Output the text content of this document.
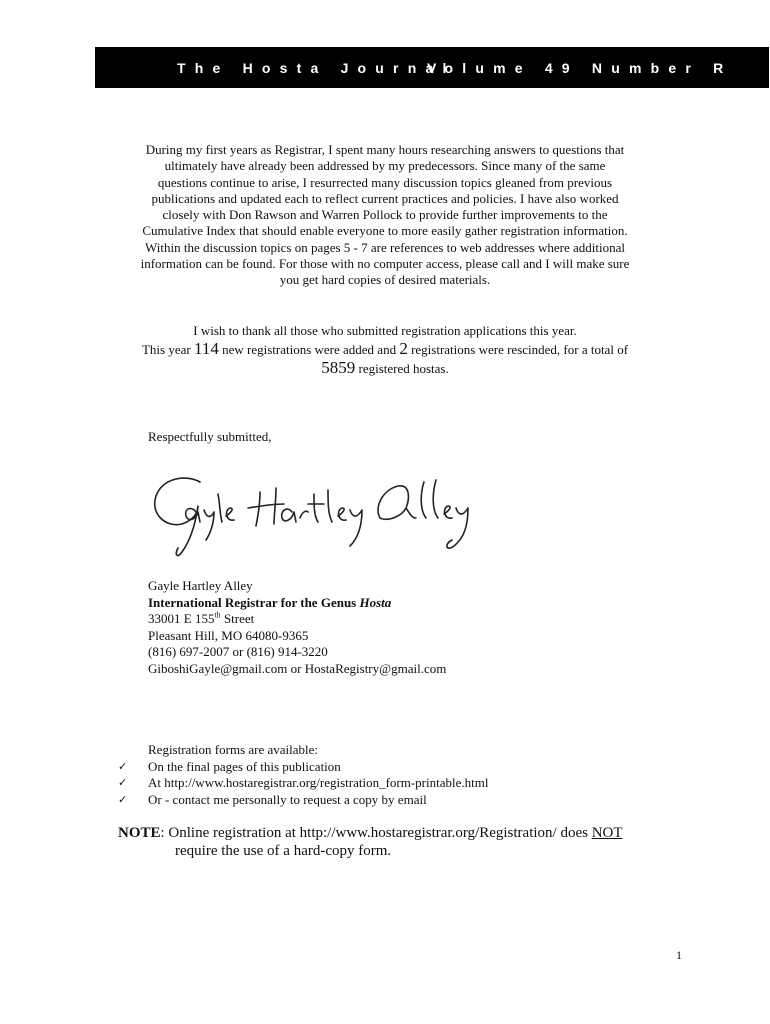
The Hosta Journal
Volume 49 Number R
During my first years as Registrar, I spent many hours researching answers to questions that ultimately have already been addressed by my predecessors. Since many of the same questions continue to arise, I resurrected many discussion topics gleaned from previous publications and updated each to reflect current practices and policies. I have also worked closely with Don Rawson and Warren Pollock to provide further improvements to the Cumulative Index that should enable everyone to more easily gather registration information. Within the discussion topics on pages 5 - 7 are references to web addresses where additional information can be found. For those with no computer access, please call and I will make sure you get hard copies of desired materials.
I wish to thank all those who submitted registration applications this year.
This year 114 new registrations were added and 2 registrations were rescinded, for a total of 5859 registered hostas.
Respectfully submitted,
Gayle Hartley Alley
International Registrar for the Genus Hosta
33001 E 155th Street
Pleasant Hill, MO 64080-9365
(816) 697-2007 or (816) 914-3220
GiboshiGayle@gmail.com or HostaRegistry@gmail.com
Registration forms are available:
✓	On the final pages of this publication
✓	At http://www.hostaregistrar.org/registration_form-printable.html
✓	Or - contact me personally to request a copy by email
NOTE: Online registration at http://www.hostaregistrar.org/Registration/ does NOT
require the use of a hard-copy form.
1
